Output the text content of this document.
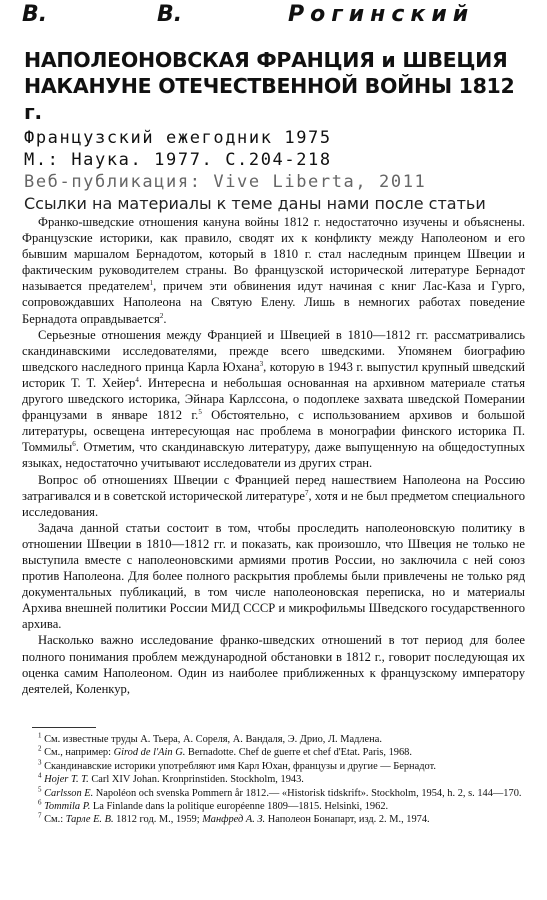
В.	В.	Рогинский
НАПОЛЕОНОВСКАЯ ФРАНЦИЯ и ШВЕЦИЯ
НАКАНУНЕ ОТЕЧЕСТВЕННОЙ ВОЙНЫ 1812 г.
Французский ежегодник 1975
М.: Наука. 1977. С.204-218
Веб-публикация: Vive Liberta, 2011
Ссылки на материалы к теме даны нами после статьи

Франко-шведские отношения кануна войны 1812 г. недостаточно изучены и объяснены. Французские историки, как правило, сводят их к конфликту между Наполеоном и его бывшим маршалом Бернадотом, который в 1810 г. стал наследным принцем Швеции и фактическим руководителем страны. Во французской исторической литературе Бернадот называется предателем$^1$, причем эти обвинения идут начиная с книг Лас-Каза и Гурго, сопровождавших Наполеона на Святую Елену. Лишь в немногих работах поведение Бернадота оправдывается$^2$.

Серьезные отношения между Францией и Швецией в 1810—1812 гг. рассматривались скандинавскими исследователями, прежде всего шведскими. Упомянем биографию шведского наследного принца Карла Юхана$^3$, которую в 1943 г. выпустил крупный шведский историк Т. Т. Хейер$^4$. Интересна и небольшая основанная на архивном материале статья другого шведского историка, Эйнара Карлссона, о подоплеке захвата шведской Померании французами в январе 1812 г.$^5$ Обстоятельно, с использованием архивов и большой литературы, освещена интересующая нас проблема в монографии финского историка П. Томмилы$^6$. Отметим, что скандинавскую литературу, даже выпущенную на общедоступных языках, недостаточно учитывают исследователи из других стран.

Вопрос об отношениях Швеции с Францией перед нашествием Наполеона на Россию затрагивался и в советской исторической литературе$^7$, хотя и не был предметом специального исследования.

Задача данной статьи состоит в том, чтобы проследить наполеоновскую политику в отношении Швеции в 1810—1812 гг. и показать, как произошло, что Швеция не только не выступила вместе с наполеоновскими армиями против России, но заключила с ней союз против Наполеона. Для более полного раскрытия проблемы были привлечены не только ряд документальных публикаций, в том числе наполеоновская переписка, но и материалы Архива внешней политики России МИД СССР и микрофильмы Шведского государственного архива.

Насколько важно исследование франко-шведских отношений в тот период для более полного понимания проблем международной обстановки в 1812 г., говорит последующая их оценка самим Наполеоном. Один из наиболее приближенных к французскому императору деятелей, Коленкур,

$^1$ См. известные труды А. Тьера, А. Сореля, А. Вандаля, Э. Дрио, Л. Мадлена.

$^2$ См., например: Girod de l'Ain G. Bernadotte. Chef de guerre et chef d'Etat. Paris, 1968.

$^3$ Скандинавские историки употребляют имя Карл Юхан, французы и другие — Бернадот.

$^4$ Hojer T. T. Carl XIV Johan. Kronprinstiden. Stockholm, 1943.

$^5$ Carlsson E. Napoléon och svenska Pommern år 1812.— «Historisk tidskrift». Stockholm, 1954, h. 2, s. 144—170.

$^6$ Tommila P. La Finlande dans la politique européenne 1809—1815. Helsinki, 1962.

$^7$ См.: Тарле Е. В. 1812 год. М., 1959; Манфред А. З. Наполеон Бонапарт, изд. 2. М., 1974.
